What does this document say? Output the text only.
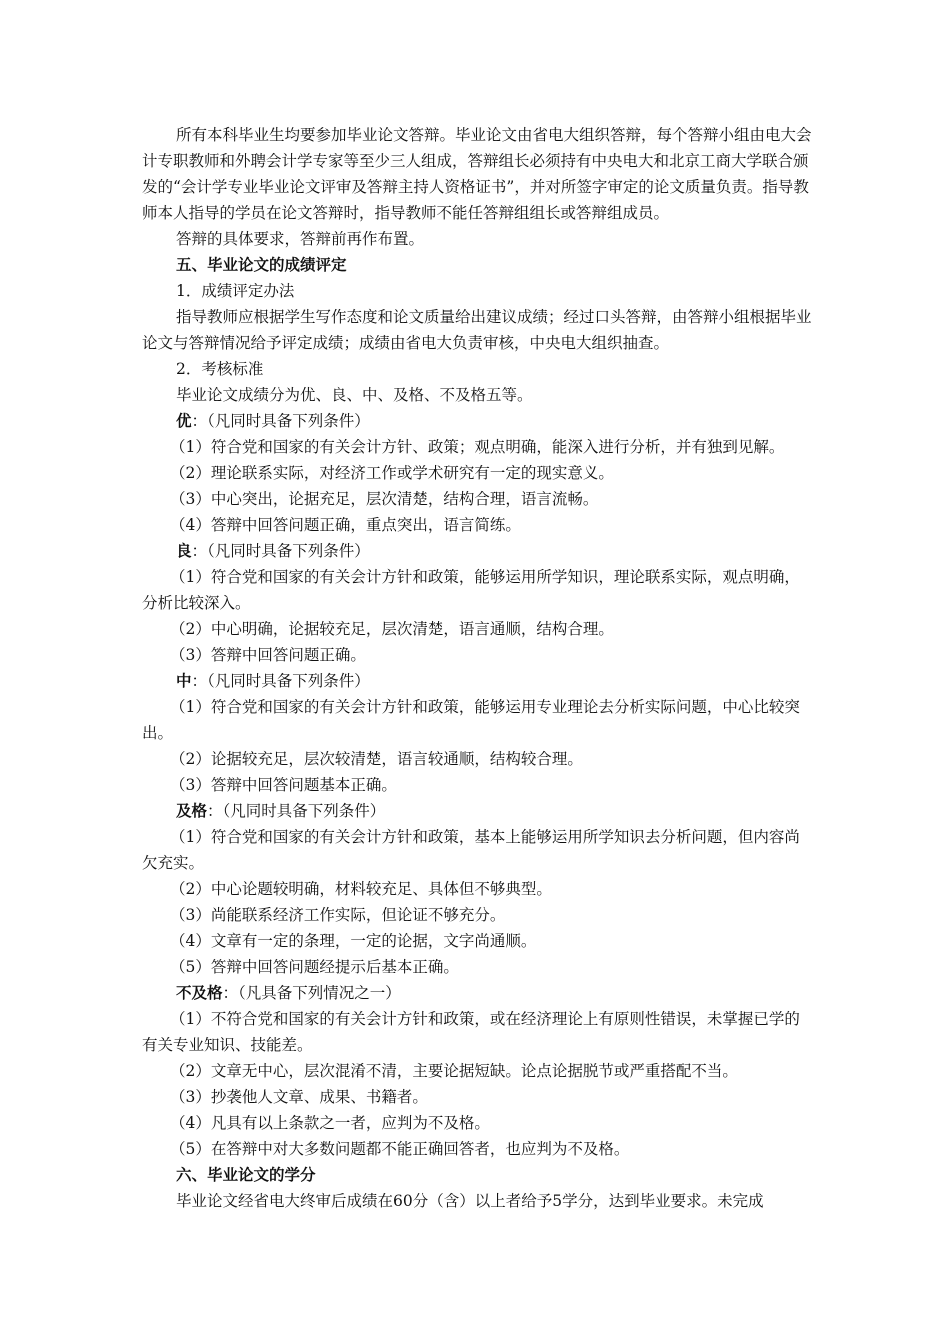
所有本科毕业生均要参加毕业论文答辩。毕业论文由省电大组织答辩，每个答辩小组由电大会计专职教师和外聘会计学专家等至少三人组成，答辩组长必须持有中央电大和北京工商大学联合颁发的“会计学专业毕业论文评审及答辩主持人资格证书”，并对所签字审定的论文质量负责。指导教师本人指导的学员在论文答辩时，指导教师不能任答辩组组长或答辩组成员。

答辩的具体要求，答辩前再作布置。

五、毕业论文的成绩评定

1．成绩评定办法

指导教师应根据学生写作态度和论文质量给出建议成绩；经过口头答辩，由答辩小组根据毕业论文与答辩情况给予评定成绩；成绩由省电大负责审核，中央电大组织抽查。

2．考核标准

毕业论文成绩分为优、良、中、及格、不及格五等。

优：（凡同时具备下列条件）

（1）符合党和国家的有关会计方针、政策；观点明确，能深入进行分析，并有独到见解。

（2）理论联系实际，对经济工作或学术研究有一定的现实意义。

（3）中心突出，论据充足，层次清楚，结构合理，语言流畅。

（4）答辩中回答问题正确，重点突出，语言简练。

良：（凡同时具备下列条件）

（1）符合党和国家的有关会计方针和政策，能够运用所学知识，理论联系实际，观点明确，分析比较深入。

（2）中心明确，论据较充足，层次清楚，语言通顺，结构合理。

（3）答辩中回答问题正确。

中：（凡同时具备下列条件）

（1）符合党和国家的有关会计方针和政策，能够运用专业理论去分析实际问题，中心比较突出。

（2）论据较充足，层次较清楚，语言较通顺，结构较合理。

（3）答辩中回答问题基本正确。

及格：（凡同时具备下列条件）

（1）符合党和国家的有关会计方针和政策，基本上能够运用所学知识去分析问题，但内容尚欠充实。

（2）中心论题较明确，材料较充足、具体但不够典型。

（3）尚能联系经济工作实际，但论证不够充分。

（4）文章有一定的条理，一定的论据，文字尚通顺。

（5）答辩中回答问题经提示后基本正确。

不及格：（凡具备下列情况之一）

（1）不符合党和国家的有关会计方针和政策，或在经济理论上有原则性错误，未掌握已学的有关专业知识、技能差。

（2）文章无中心，层次混淆不清，主要论据短缺。论点论据脱节或严重搭配不当。

（3）抄袭他人文章、成果、书籍者。

（4）凡具有以上条款之一者，应判为不及格。

（5）在答辩中对大多数问题都不能正确回答者，也应判为不及格。

六、毕业论文的学分

毕业论文经省电大终审后成绩在60分（含）以上者给予5学分，达到毕业要求。未完成
